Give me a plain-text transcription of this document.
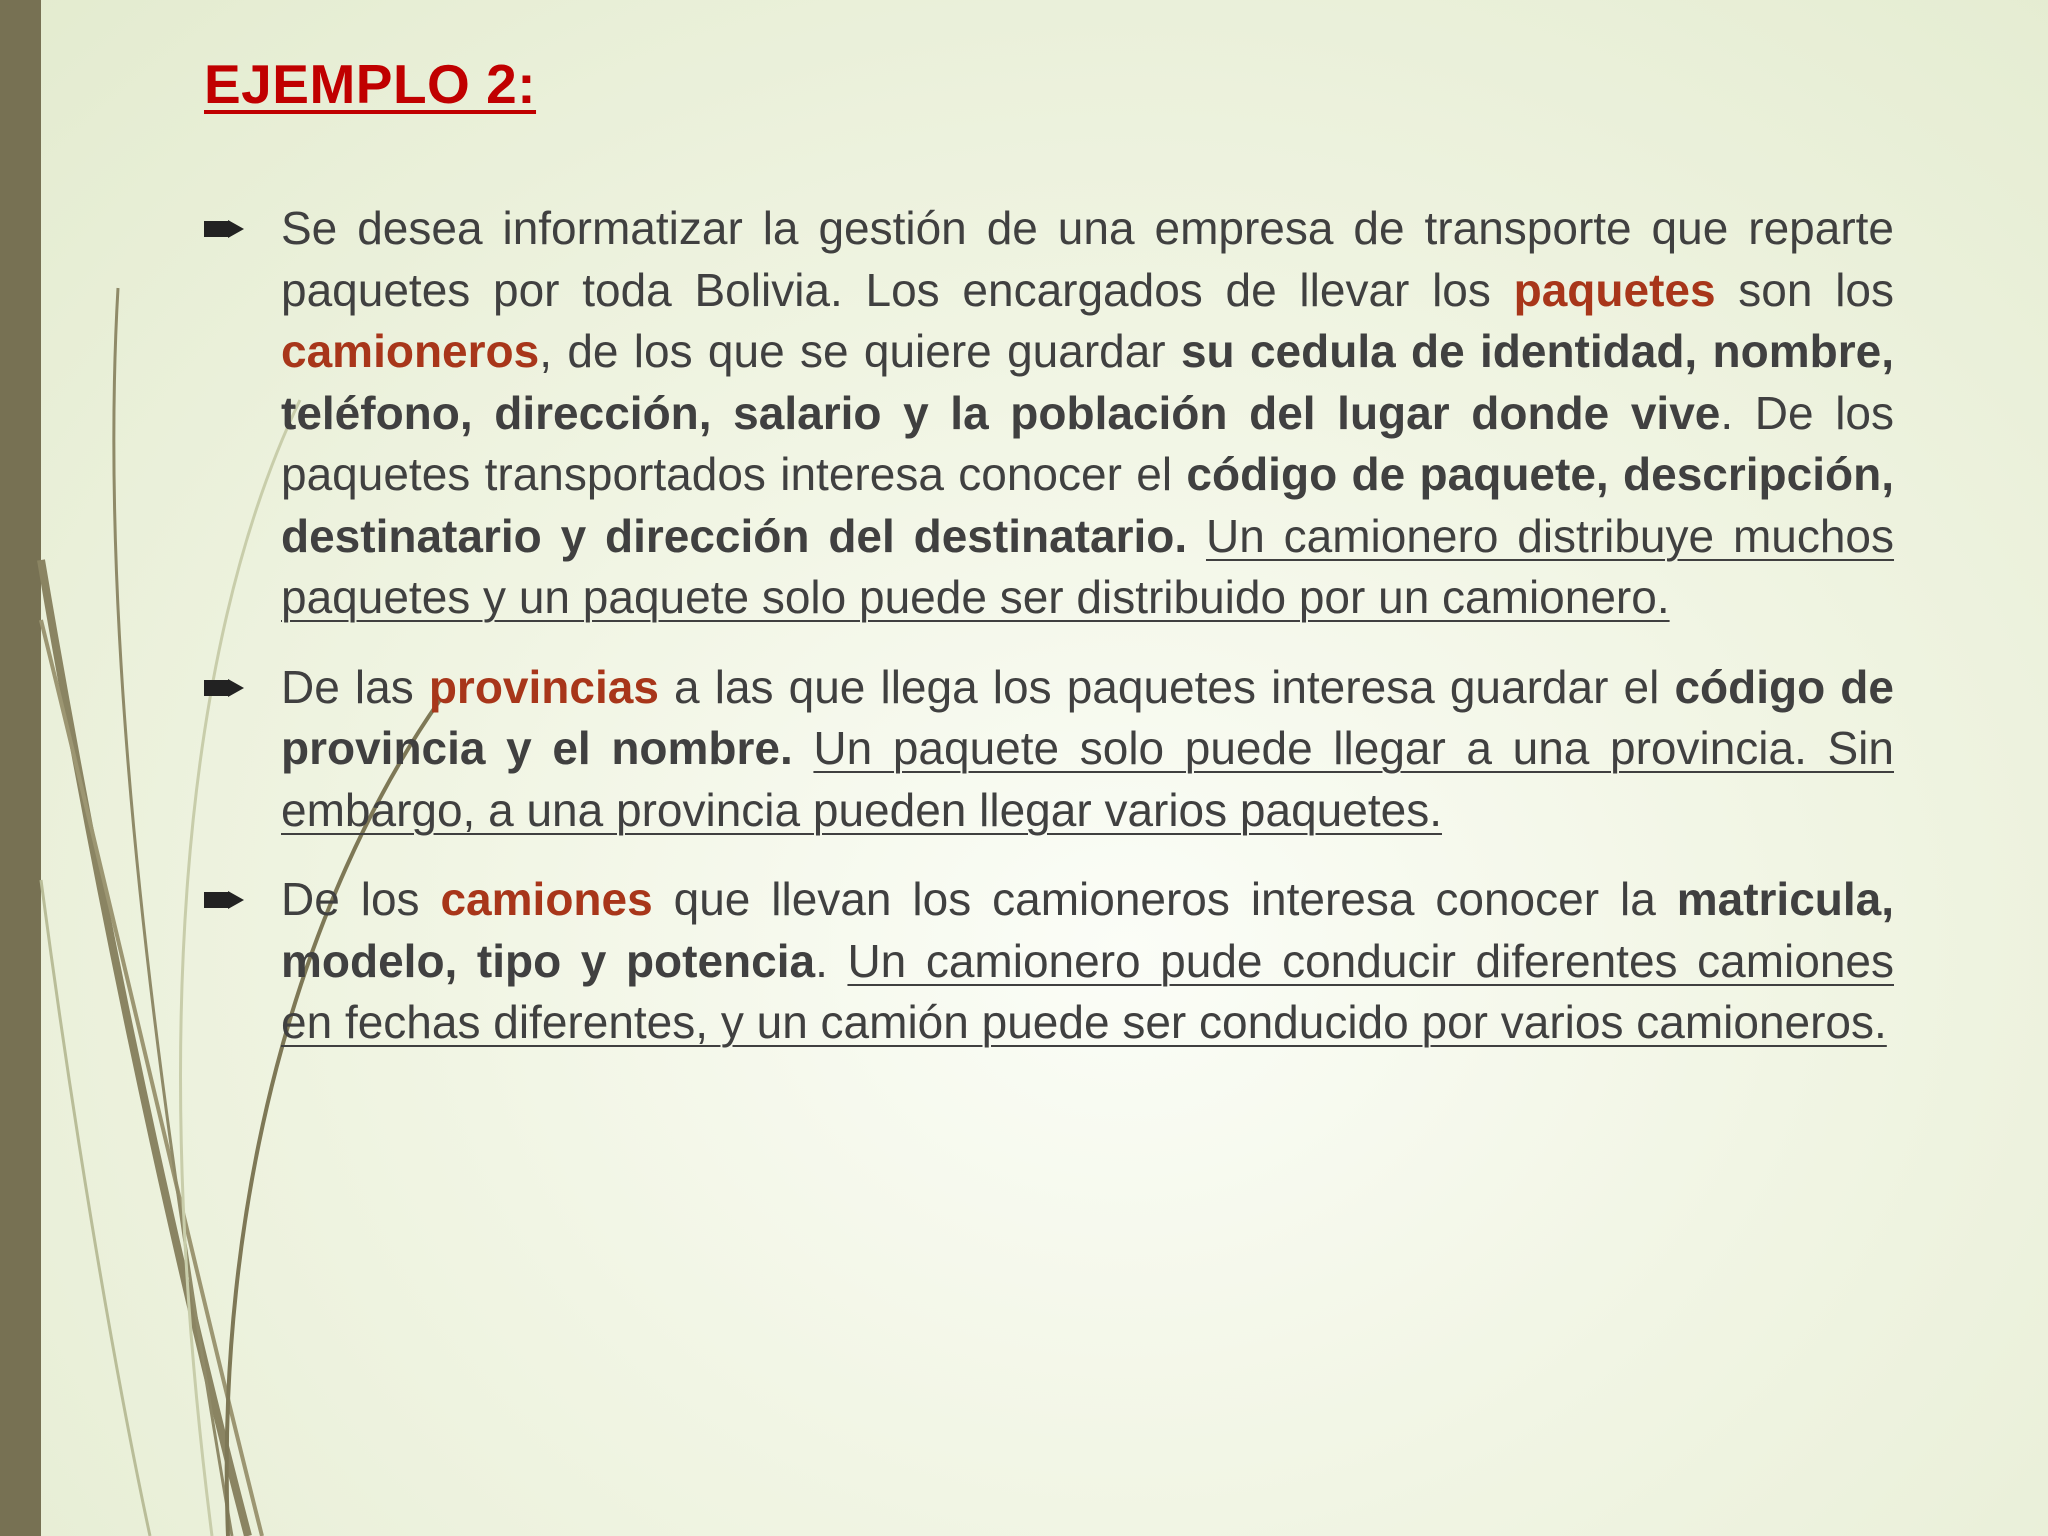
EJEMPLO 2:
Se desea informatizar la gestión de una empresa de transporte que reparte paquetes por toda Bolivia. Los encargados de llevar los paquetes son los camioneros, de los que se quiere guardar su cedula de identidad, nombre, teléfono, dirección, salario y la población del lugar donde vive. De los paquetes transportados interesa conocer el código de paquete, descripción, destinatario y dirección del destinatario. Un camionero distribuye muchos paquetes y un paquete solo puede ser distribuido por un camionero.
De las provincias a las que llega los paquetes interesa guardar el código de provincia y el nombre. Un paquete solo puede llegar a una provincia. Sin embargo, a una provincia pueden llegar varios paquetes.
De los camiones que llevan los camioneros interesa conocer la matricula, modelo, tipo y potencia. Un camionero pude conducir diferentes camiones en fechas diferentes, y un camión puede ser conducido por varios camioneros.
